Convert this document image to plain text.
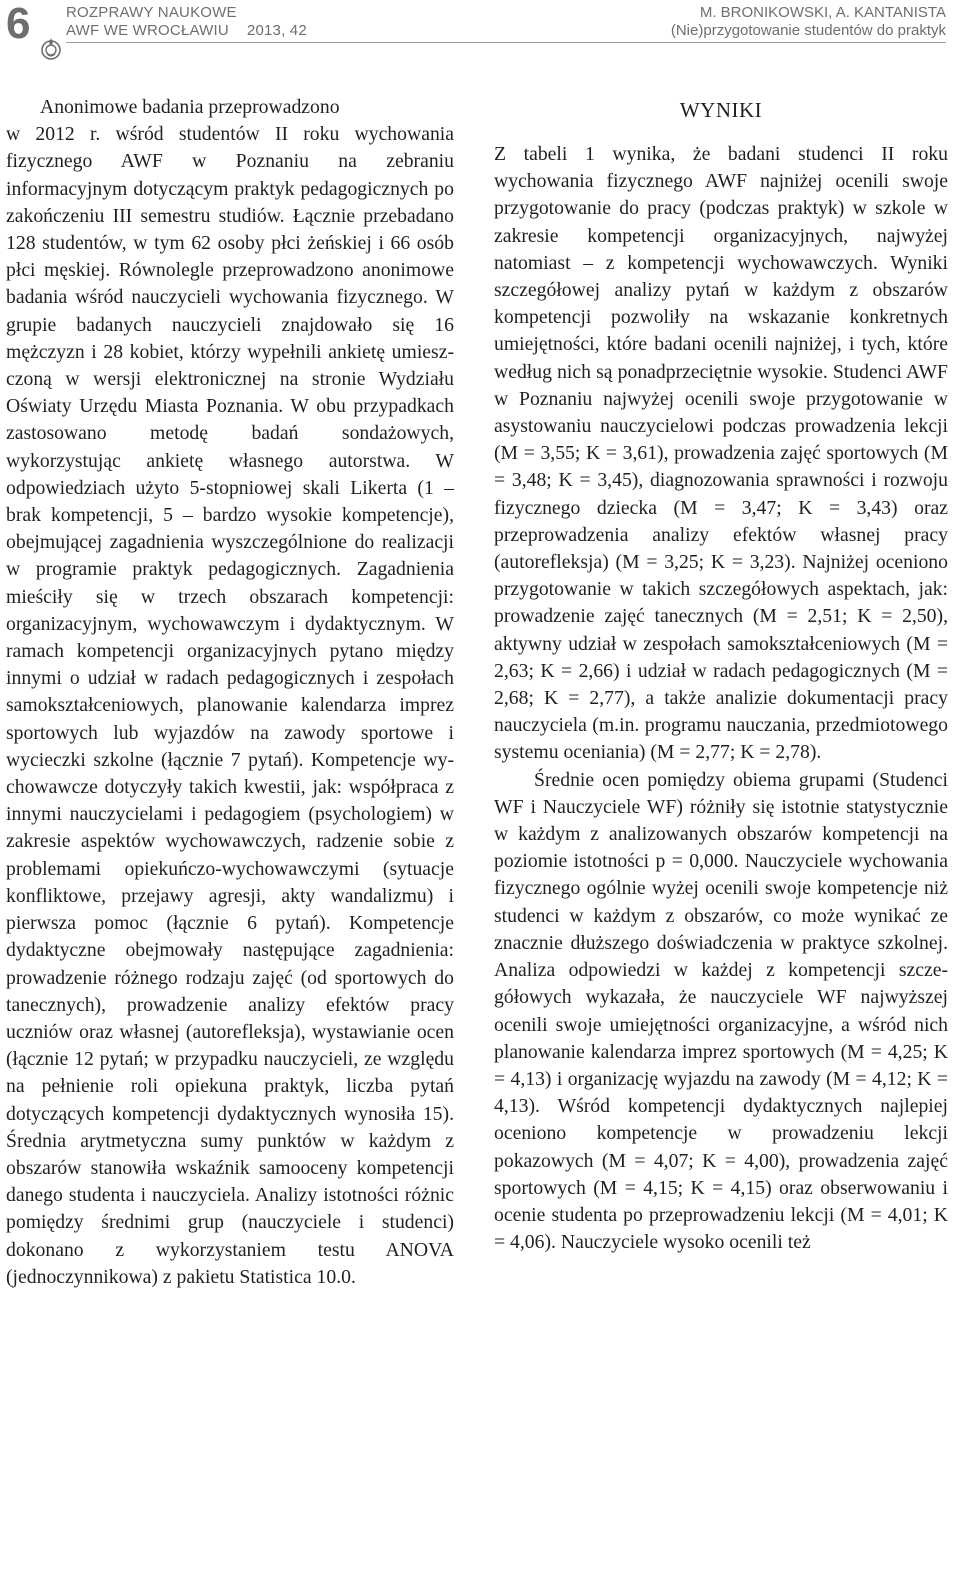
6 ROZPRAWY NAUKOWE
AWF WE WROCŁAWIU 2013, 42
M. BRONIKOWSKI, A. KANTANISTA
(Nie)przygotowanie studentów do praktyk

Anonimowe badania przeprowadzono
w 2012 r. wśród studentów II roku wychowania fizycznego AWF w Poznaniu na zebraniu informacyjnym dotyczącym praktyk pedagogicznych po zakończeniu III semestru studiów. Łącznie przebadano 128 studentów, w tym 62 osoby płci żeńskiej i 66 osób płci męskiej. Równolegle przeprowadzono anonimowe badania wśród nauczycieli wychowania fizycznego. W grupie badanych nauczycieli znajdowało się 16 mężczyzn i 28 kobiet, którzy wypełnili ankietę umieszczoną w wersji elektronicznej na stronie Wydziału Oświaty Urzędu Miasta Poznania. W obu przypadkach zastosowano metodę badań sondażowych, wykorzystując ankietę własnego autorstwa. W odpowiedziach użyto 5-stopniowej skali Likerta (1 – brak kompetencji, 5 – bardzo wysokie kompetencje), obejmującej zagadnienia wyszczególnione do realizacji w programie praktyk pedagogicznych. Zagadnienia mieściły się w trzech obszarach kompetencji: organizacyjnym, wychowawczym i dydaktycznym. W ramach kompetencji organizacyjnych pytano między innymi o udział w radach pedagogicznych i zespołach samokształceniowych, planowanie kalendarza imprez sportowych lub wyjazdów na zawody sportowe i wycieczki szkolne (łącznie 7 pytań). Kompetencje wychowawcze dotyczyły takich kwestii, jak: współpraca z innymi nauczycielami i pedagogiem (psychologiem) w zakresie aspektów wychowawczych, radzenie sobie z problemami opiekuńczo-wychowawczymi (sytuacje konfliktowe, przejawy agresji, akty wandalizmu) i pierwsza pomoc (łącznie 6 pytań). Kompetencje dydaktyczne obejmowały następujące zagadnienia: prowadzenie różnego rodzaju zajęć (od sportowych do tanecznych), prowadzenie analizy efektów pracy uczniów oraz własnej (autorefleksja), wystawianie ocen (łącznie 12 pytań; w przypadku nauczycieli, ze względu na pełnienie roli opiekuna praktyk, liczba pytań dotyczących kompetencji dydaktycznych wynosiła 15). Średnia arytmetyczna sumy punktów w każdym z obszarów stanowiła wskaźnik samooceny kompetencji danego studenta i nauczyciela. Analizy istotności różnic pomiędzy średnimi grup (nauczyciele i studenci) dokonano z wykorzystaniem testu ANOVA (jednoczynnikowa) z pakietu Statistica 10.0.

WYNIKI

Z tabeli 1 wynika, że badani studenci II roku wychowania fizycznego AWF najniżej ocenili swoje przygotowanie do pracy (podczas praktyk) w szkole w zakresie kompetencji organizacyjnych, najwyżej natomiast – z kompetencji wychowawczych. Wyniki szczegółowej analizy pytań w każdym z obszarów kompetencji pozwoliły na wskazanie konkretnych umiejętności, które badani ocenili najniżej, i tych, które według nich są ponadprzeciętnie wysokie. Studenci AWF w Poznaniu najwyżej ocenili swoje przygotowanie w asystowaniu nauczycielowi podczas prowadzenia lekcji (M = 3,55; K = 3,61), prowadzenia zajęć sportowych (M = 3,48; K = 3,45), diagnozowania sprawności i rozwoju fizycznego dziecka (M = 3,47; K = 3,43) oraz przeprowadzenia analizy efektów własnej pracy (autorefleksja) (M = 3,25; K = 3,23). Najniżej oceniono przygotowanie w takich szczegółowych aspektach, jak: prowadzenie zajęć tanecznych (M = 2,51; K = 2,50), aktywny udział w zespołach samokształceniowych (M = 2,63; K = 2,66) i udział w radach pedagogicznych (M = 2,68; K = 2,77), a także analizie dokumentacji pracy nauczyciela (m.in. programu nauczania, przedmiotowego systemu oceniania) (M = 2,77; K = 2,78).

Średnie ocen pomiędzy obiema grupami (Studenci WF i Nauczyciele WF) różniły się istotnie statystycznie w każdym z analizowanych obszarów kompetencji na poziomie istotności p = 0,000. Nauczyciele wychowania fizycznego ogólnie wyżej ocenili swoje kompetencje niż studenci w każdym z obszarów, co może wynikać ze znacznie dłuższego doświadczenia w praktyce szkolnej. Analiza odpowiedzi w każdej z kompetencji szczegółowych wykazała, że nauczyciele WF najwyższej ocenili swoje umiejętności organizacyjne, a wśród nich planowanie kalendarza imprez sportowych (M = 4,25; K = 4,13) i organizację wyjazdu na zawody (M = 4,12; K = 4,13). Wśród kompetencji dydaktycznych najlepiej oceniono kompetencje w prowadzeniu lekcji pokazowych (M = 4,07; K = 4,00), prowadzenia zajęć sportowych (M = 4,15; K = 4,15) oraz obserwowaniu i ocenie studenta po przeprowadzeniu lekcji (M = 4,01; K = 4,06). Nauczyciele wysoko ocenili też
